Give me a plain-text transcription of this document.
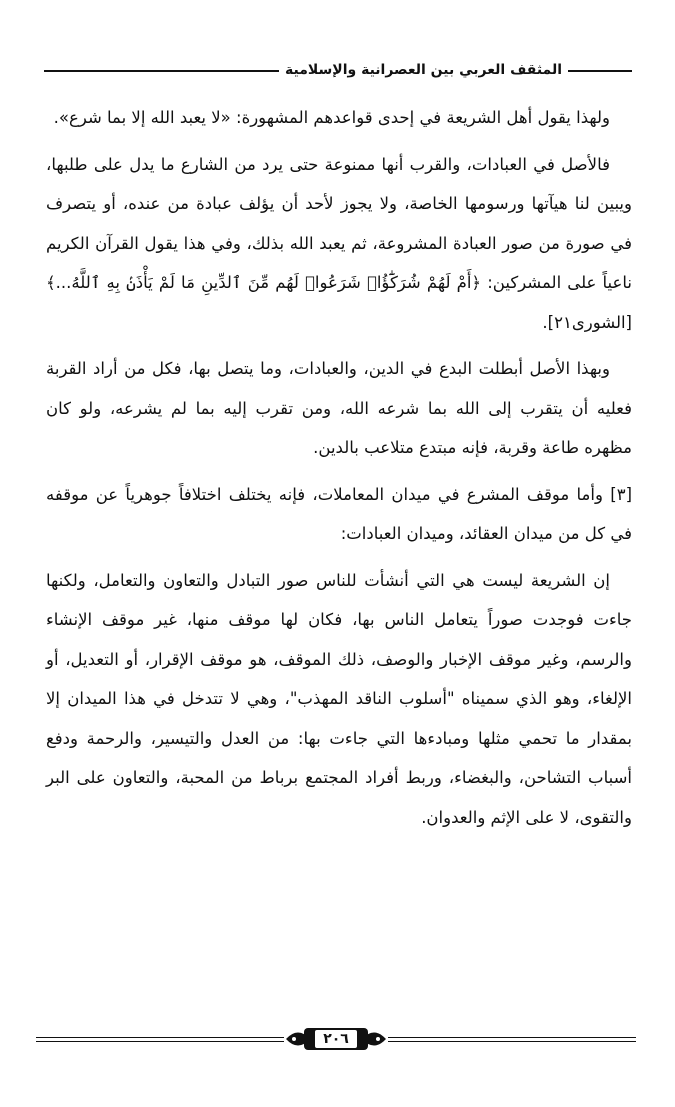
المثقف العربي بين العصرانية والإسلامية

ولهذا يقول أهل الشريعة في إحدى قواعدهم المشهورة: «لا يعبد الله إلا بما شرع».

فالأصل في العبادات، والقرب أنها ممنوعة حتى يرد من الشارع ما يدل على طلبها، ويبين لنا هيآتها ورسومها الخاصة، ولا يجوز لأحد أن يؤلف عبادة من عنده، أو يتصرف في صورة من صور العبادة المشروعة، ثم يعبد الله بذلك، وفي هذا يقول القرآن الكريم ناعياً على المشركين: ﴿أَمْ لَهُمْ شُرَكَٰٓؤُا۟ شَرَعُوا۟ لَهُم مِّنَ ٱلدِّينِ مَا لَمْ يَأْذَنۢ بِهِ ٱللَّهُ...﴾ [الشورى٢١].

وبهذا الأصل أبطلت البدع في الدين، والعبادات، وما يتصل بها، فكل من أراد القربة فعليه أن يتقرب إلى الله بما شرعه الله، ومن تقرب إليه بما لم يشرعه، ولو كان مظهره طاعة وقربة، فإنه مبتدع متلاعب بالدين.

[٣] وأما موقف المشرع في ميدان المعاملات، فإنه يختلف اختلافاً جوهرياً عن موقفه في كل من ميدان العقائد، وميدان العبادات:

إن الشريعة ليست هي التي أنشأت للناس صور التبادل والتعاون والتعامل، ولكنها جاءت فوجدت صوراً يتعامل الناس بها، فكان لها موقف منها، غير موقف الإنشاء والرسم، وغير موقف الإخبار والوصف، ذلك الموقف، هو موقف الإقرار، أو التعديل، أو الإلغاء، وهو الذي سميناه "أسلوب الناقد المهذب"، وهي لا تتدخل في هذا الميدان إلا بمقدار ما تحمي مثلها ومبادءها التي جاءت بها: من العدل والتيسير، والرحمة ودفع أسباب التشاحن، والبغضاء، وربط أفراد المجتمع برباط من المحبة، والتعاون على البر والتقوى، لا على الإثم والعدوان.

٢٠٦
